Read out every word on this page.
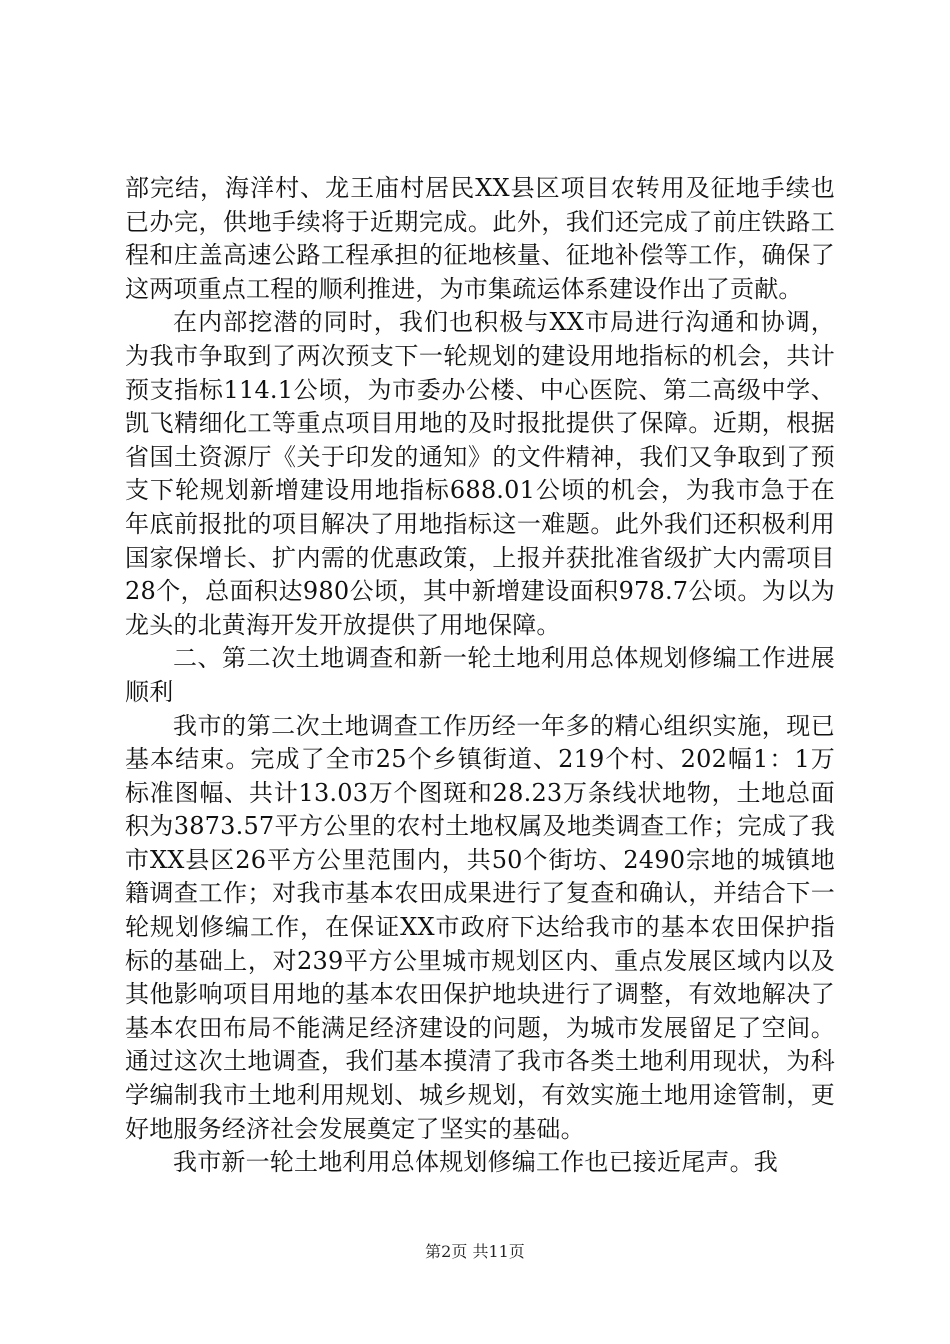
部完结，海洋村、龙王庙村居民XX县区项目农转用及征地手续也已办完，供地手续将于近期完成。此外，我们还完成了前庄铁路工程和庄盖高速公路工程承担的征地核量、征地补偿等工作，确保了这两项重点工程的顺利推进，为市集疏运体系建设作出了贡献。

在内部挖潜的同时，我们也积极与XX市局进行沟通和协调，为我市争取到了两次预支下一轮规划的建设用地指标的机会，共计预支指标114.1公顷，为市委办公楼、中心医院、第二高级中学、凯飞精细化工等重点项目用地的及时报批提供了保障。近期，根据省国土资源厅《关于印发的通知》的文件精神，我们又争取到了预支下轮规划新增建设用地指标688.01公顷的机会，为我市急于在年底前报批的项目解决了用地指标这一难题。此外我们还积极利用国家保增长、扩内需的优惠政策，上报并获批准省级扩大内需项目28个，总面积达980公顷，其中新增建设面积978.7公顷。为以为龙头的北黄海开发开放提供了用地保障。

二、第二次土地调查和新一轮土地利用总体规划修编工作进展顺利

我市的第二次土地调查工作历经一年多的精心组织实施，现已基本结束。完成了全市25个乡镇街道、219个村、202幅1：1万标准图幅、共计13.03万个图斑和28.23万条线状地物，土地总面积为3873.57平方公里的农村土地权属及地类调查工作；完成了我市XX县区26平方公里范围内，共50个街坊、2490宗地的城镇地籍调查工作；对我市基本农田成果进行了复查和确认，并结合下一轮规划修编工作，在保证XX市政府下达给我市的基本农田保护指标的基础上，对239平方公里城市规划区内、重点发展区域内以及其他影响项目用地的基本农田保护地块进行了调整，有效地解决了基本农田布局不能满足经济建设的问题，为城市发展留足了空间。通过这次土地调查，我们基本摸清了我市各类土地利用现状，为科学编制我市土地利用规划、城乡规划，有效实施土地用途管制，更好地服务经济社会发展奠定了坚实的基础。

我市新一轮土地利用总体规划修编工作也已接近尾声。我

第2页 共11页
